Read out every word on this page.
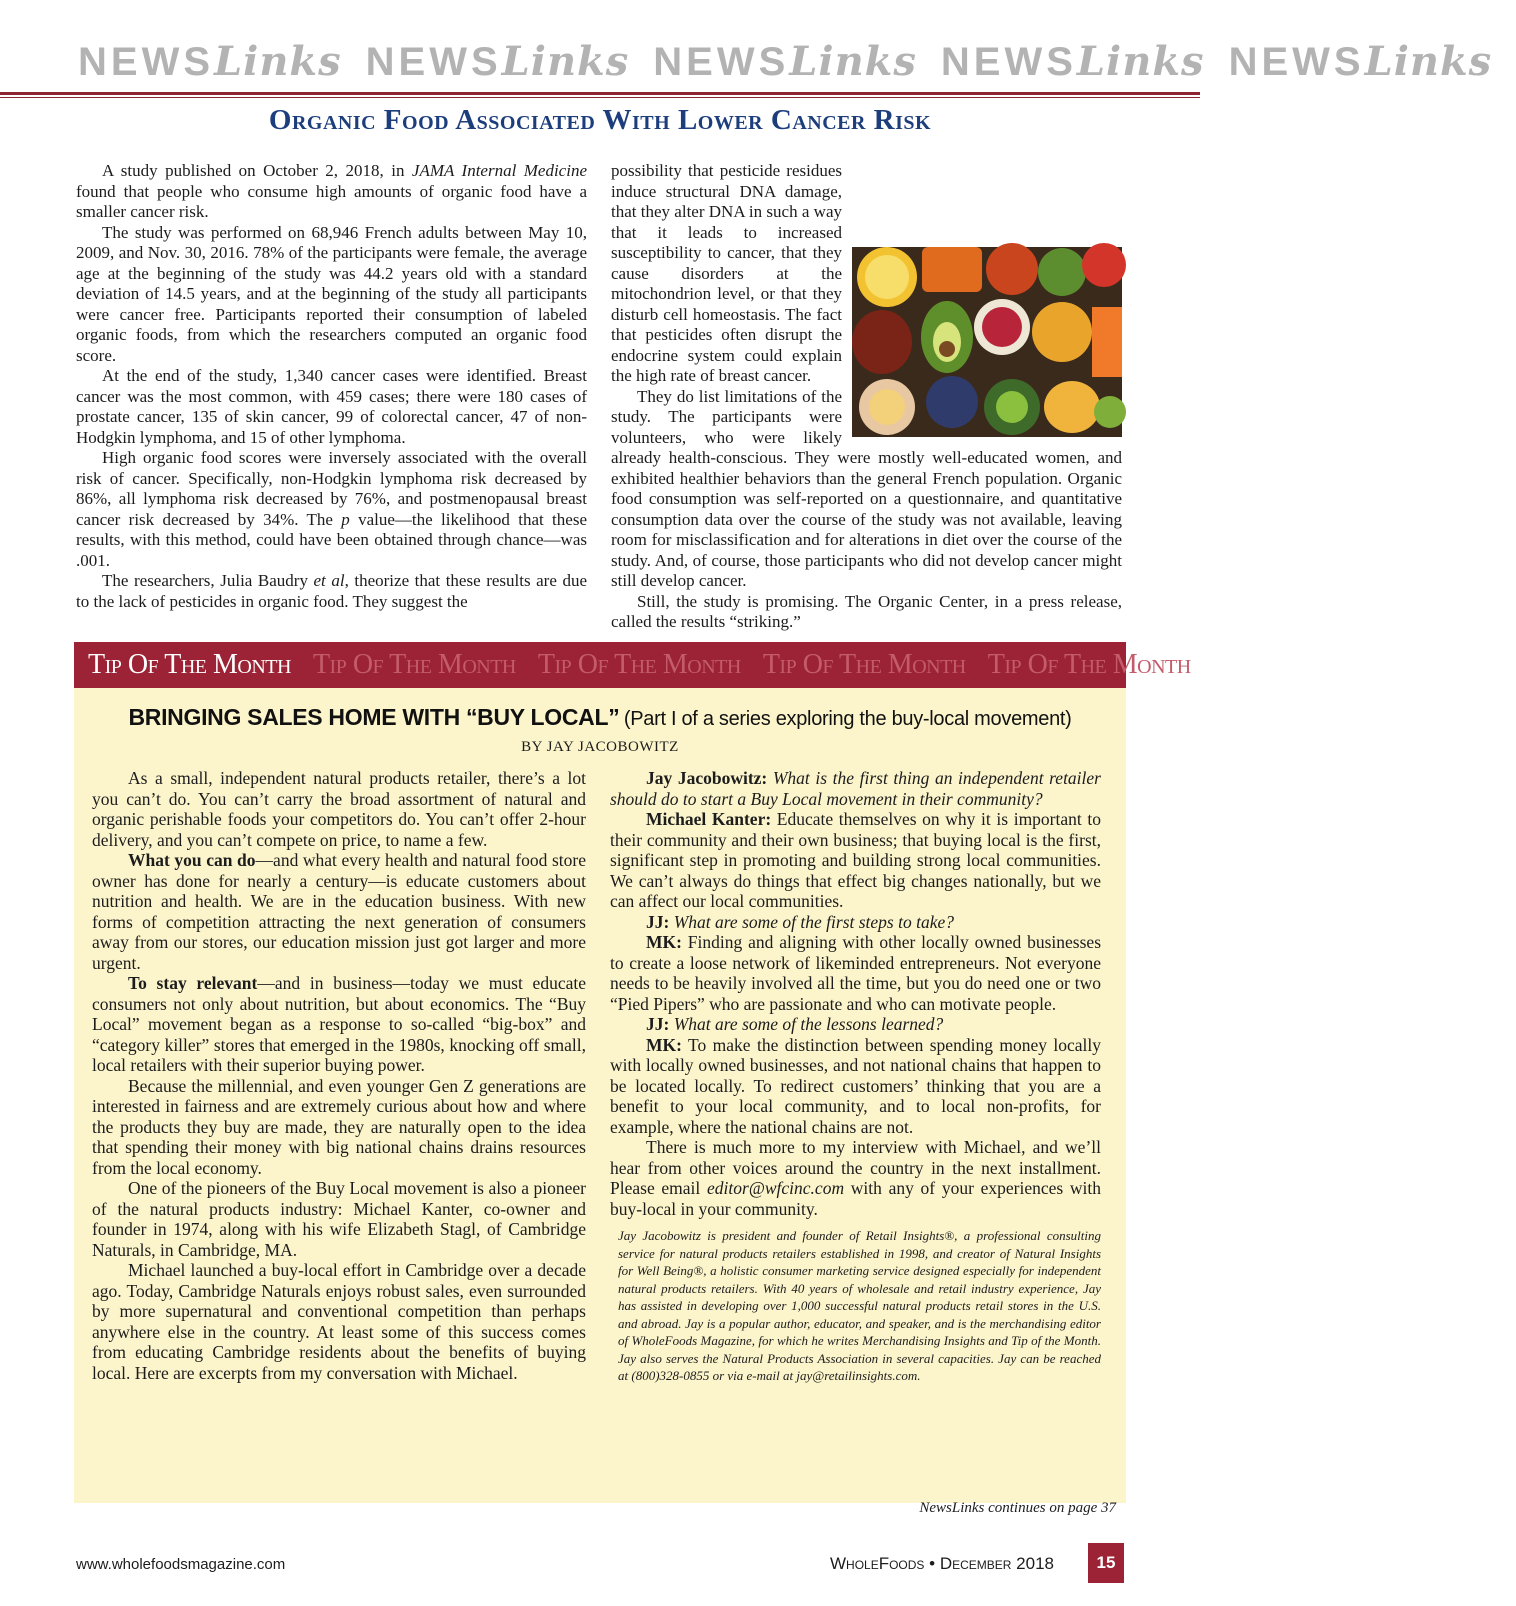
NEWSLinks NEWSLinks NEWSLinks NEWSLinks NEWSLinks
Organic Food Associated With Lower Cancer Risk

A study published on October 2, 2018, in JAMA Internal Medicine found that people who consume high amounts of organic food have a smaller cancer risk.

The study was performed on 68,946 French adults between May 10, 2009, and Nov. 30, 2016. 78% of the participants were female, the average age at the beginning of the study was 44.2 years old with a standard deviation of 14.5 years, and at the beginning of the study all participants were cancer free. Participants reported their consumption of labeled organic foods, from which the researchers computed an organic food score.

At the end of the study, 1,340 cancer cases were identified. Breast cancer was the most common, with 459 cases; there were 180 cases of prostate cancer, 135 of skin cancer, 99 of colorectal cancer, 47 of non-Hodgkin lymphoma, and 15 of other lymphoma.

High organic food scores were inversely associated with the overall risk of cancer. Specifically, non-Hodgkin lymphoma risk decreased by 86%, all lymphoma risk decreased by 76%, and postmenopausal breast cancer risk decreased by 34%. The p value—the likelihood that these results, with this method, could have been obtained through chance—was .001.

The researchers, Julia Baudry et al, theorize that these results are due to the lack of pesticides in organic food. They suggest the

possibility that pesticide residues induce structural DNA damage, that they alter DNA in such a way that it leads to increased susceptibility to cancer, that they cause disorders at the mitochondrion level, or that they disturb cell homeostasis. The fact that pesticides often disrupt the endocrine system could explain the high rate of breast cancer.

They do list limitations of the study. The participants were volunteers, who were likely already health-conscious. They were mostly well-educated women, and exhibited healthier behaviors than the general French population. Organic food consumption was self-reported on a questionnaire, and quantitative consumption data over the course of the study was not available, leaving room for misclassification and for alterations in diet over the course of the study. And, of course, those participants who did not develop cancer might still develop cancer.

Still, the study is promising. The Organic Center, in a press release, called the results “striking.”

Tip Of The Month Tip Of The Month Tip Of The Month Tip Of The Month Tip Of The Month
BRINGING SALES HOME WITH “BUY LOCAL” (Part I of a series exploring the buy-local movement)
BY JAY JACOBOWITZ

As a small, independent natural products retailer, there’s a lot you can’t do. You can’t carry the broad assortment of natural and organic perishable foods your competitors do. You can’t offer 2-hour delivery, and you can’t compete on price, to name a few.

What you can do—and what every health and natural food store owner has done for nearly a century—is educate customers about nutrition and health. We are in the education business. With new forms of competition attracting the next generation of consumers away from our stores, our education mission just got larger and more urgent.

To stay relevant—and in business—today we must educate consumers not only about nutrition, but about economics. The “Buy Local” movement began as a response to so-called “big-box” and “category killer” stores that emerged in the 1980s, knocking off small, local retailers with their superior buying power.

Because the millennial, and even younger Gen Z generations are interested in fairness and are extremely curious about how and where the products they buy are made, they are naturally open to the idea that spending their money with big national chains drains resources from the local economy.

One of the pioneers of the Buy Local movement is also a pioneer of the natural products industry: Michael Kanter, co-owner and founder in 1974, along with his wife Elizabeth Stagl, of Cambridge Naturals, in Cambridge, MA.

Michael launched a buy-local effort in Cambridge over a decade ago. Today, Cambridge Naturals enjoys robust sales, even surrounded by more supernatural and conventional competition than perhaps anywhere else in the country. At least some of this success comes from educating Cambridge residents about the benefits of buying local. Here are excerpts from my conversation with Michael.

Jay Jacobowitz: What is the first thing an independent retailer should do to start a Buy Local movement in their community?

Michael Kanter: Educate themselves on why it is important to their community and their own business; that buying local is the first, significant step in promoting and building strong local communities. We can’t always do things that effect big changes nationally, but we can affect our local communities.

JJ: What are some of the first steps to take?

MK: Finding and aligning with other locally owned businesses to create a loose network of likeminded entrepreneurs. Not everyone needs to be heavily involved all the time, but you do need one or two “Pied Pipers” who are passionate and who can motivate people.

JJ: What are some of the lessons learned?

MK: To make the distinction between spending money locally with locally owned businesses, and not national chains that happen to be located locally. To redirect customers’ thinking that you are a benefit to your local community, and to local non-profits, for example, where the national chains are not.

There is much more to my interview with Michael, and we’ll hear from other voices around the country in the next installment. Please email editor@wfcinc.com with any of your experiences with buy-local in your community.

Jay Jacobowitz is president and founder of Retail Insights®, a professional consulting service for natural products retailers established in 1998, and creator of Natural Insights for Well Being®, a holistic consumer marketing service designed especially for independent natural products retailers. With 40 years of wholesale and retail industry experience, Jay has assisted in developing over 1,000 successful natural products retail stores in the U.S. and abroad. Jay is a popular author, educator, and speaker, and is the merchandising editor of WholeFoods Magazine, for which he writes Merchandising Insights and Tip of the Month. Jay also serves the Natural Products Association in several capacities. Jay can be reached at (800)328-0855 or via e-mail at jay@retailinsights.com.

NewsLinks continues on page 37
www.wholefoodsmagazine.com	WholeFoods • December 2018	15
